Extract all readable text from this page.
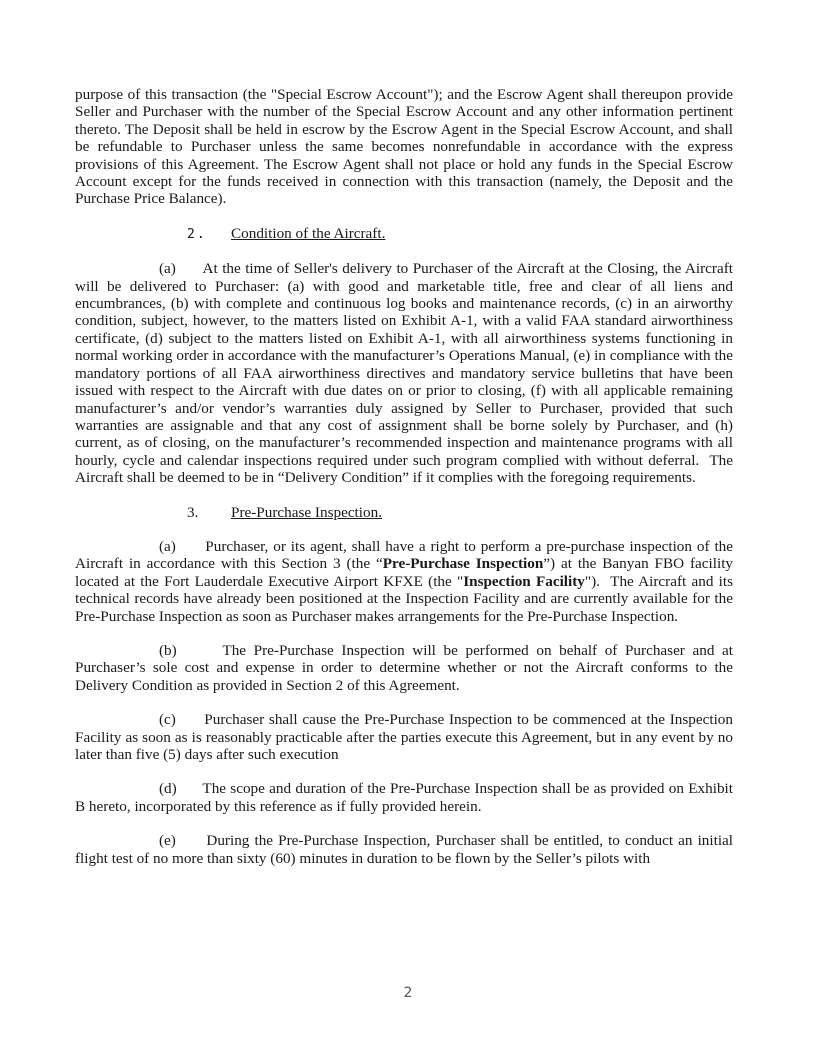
purpose of this transaction (the "Special Escrow Account"); and the Escrow Agent shall thereupon provide Seller and Purchaser with the number of the Special Escrow Account and any other information pertinent thereto. The Deposit shall be held in escrow by the Escrow Agent in the Special Escrow Account, and shall be refundable to Purchaser unless the same becomes nonrefundable in accordance with the express provisions of this Agreement. The Escrow Agent shall not place or hold any funds in the Special Escrow Account except for the funds received in connection with this transaction (namely, the Deposit and the Purchase Price Balance).

2. Condition of the Aircraft.

(a)      At the time of Seller's delivery to Purchaser of the Aircraft at the Closing, the Aircraft will be delivered to Purchaser: (a) with good and marketable title, free and clear of all liens and encumbrances, (b) with complete and continuous log books and maintenance records, (c) in an airworthy condition, subject, however, to the matters listed on Exhibit A-1, with a valid FAA standard airworthiness certificate, (d) subject to the matters listed on Exhibit A-1, with all airworthiness systems functioning in normal working order in accordance with the manufacturer’s Operations Manual, (e) in compliance with the mandatory portions of all FAA airworthiness directives and mandatory service bulletins that have been issued with respect to the Aircraft with due dates on or prior to closing, (f) with all applicable remaining manufacturer’s and/or vendor’s warranties duly assigned by Seller to Purchaser, provided that such warranties are assignable and that any cost of assignment shall be borne solely by Purchaser, and (h) current, as of closing, on the manufacturer’s recommended inspection and maintenance programs with all hourly, cycle and calendar inspections required under such program complied with without deferral.  The Aircraft shall be deemed to be in “Delivery Condition” if it complies with the foregoing requirements.

3. Pre-Purchase Inspection.

(a)      Purchaser, or its agent, shall have a right to perform a pre-purchase inspection of the Aircraft in accordance with this Section 3 (the “Pre-Purchase Inspection”) at the Banyan FBO facility located at the Fort Lauderdale Executive Airport KFXE (the "Inspection Facility").  The Aircraft and its technical records have already been positioned at the Inspection Facility and are currently available for the Pre-Purchase Inspection as soon as Purchaser makes arrangements for the Pre-Purchase Inspection.

(b)      The Pre-Purchase Inspection will be performed on behalf of Purchaser and at Purchaser’s sole cost and expense in order to determine whether or not the Aircraft conforms to the Delivery Condition as provided in Section 2 of this Agreement.

(c)      Purchaser shall cause the Pre-Purchase Inspection to be commenced at the Inspection Facility as soon as is reasonably practicable after the parties execute this Agreement, but in any event by no later than five (5) days after such execution

(d)      The scope and duration of the Pre-Purchase Inspection shall be as provided on Exhibit B hereto, incorporated by this reference as if fully provided herein.

(e)      During the Pre-Purchase Inspection, Purchaser shall be entitled, to conduct an initial flight test of no more than sixty (60) minutes in duration to be flown by the Seller’s pilots with

2
